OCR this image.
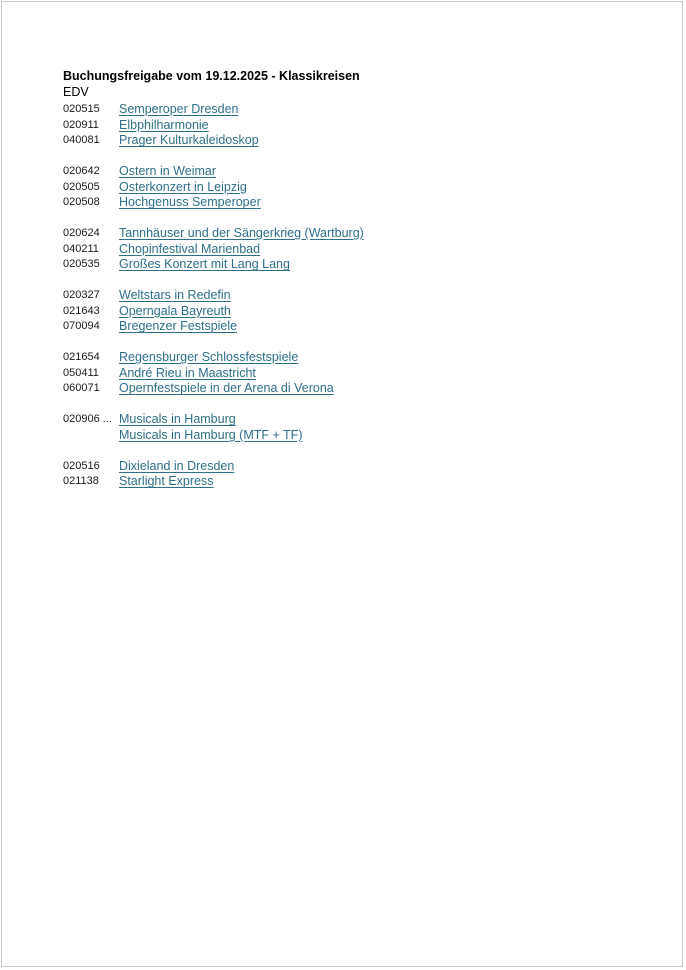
Buchungsfreigabe vom 19.12.2025 - Klassikreisen
EDV
020515	Semperoper Dresden
020911	Elbphilharmonie
040081	Prager Kulturkaleidoskop
020642	Ostern in Weimar
020505	Osterkonzert in Leipzig
020508	Hochgenuss Semperoper
020624	Tannhäuser und der Sängerkrieg (Wartburg)
040211	Chopinfestival Marienbad
020535	Großes Konzert mit Lang Lang
020327	Weltstars in Redefin
021643	Operngala Bayreuth
070094	Bregenzer Festspiele
021654	Regensburger Schlossfestspiele
050411	André Rieu in Maastricht
060071	Opernfestspiele in der Arena di Verona
020906 ... Musicals in Hamburg
Musicals in Hamburg (MTF + TF)
020516	Dixieland in Dresden
021138	Starlight Express
